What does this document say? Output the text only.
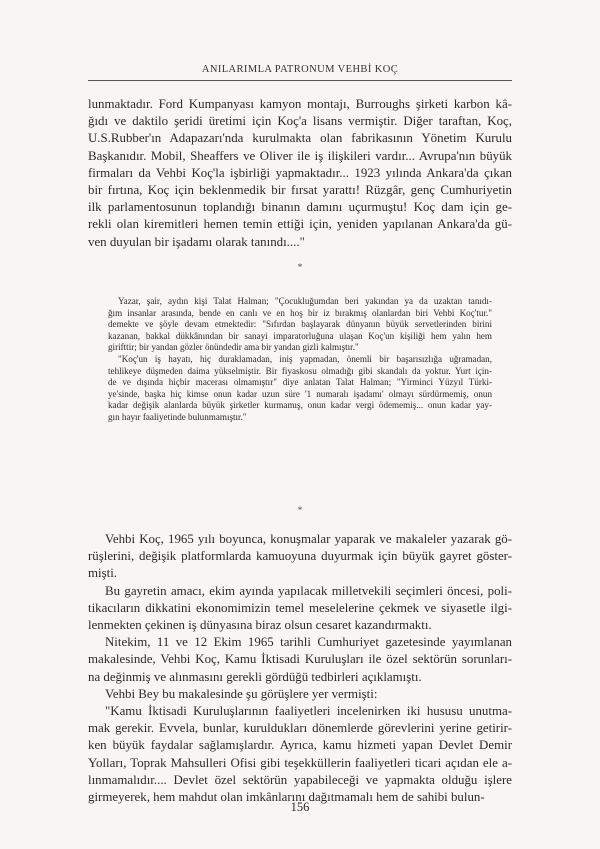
ANILARIMLA PATRONUM VEHBİ KOÇ

lunmaktadır. Ford Kumpanyası kamyon montajı, Burroughs şirketi karbon kâ-
ğıdı ve daktilo şeridi üretimi için Koç'a lisans vermiştir. Diğer taraftan, Koç,
U.S.Rubber'ın Adapazarı'nda kurulmakta olan fabrikasının Yönetim Kurulu
Başkanıdır. Mobil, Sheaffers ve Oliver ile iş ilişkileri vardır... Avrupa'nın büyük
firmaları da Vehbi Koç'la işbirliği yapmaktadır... 1923 yılında Ankara'da çıkan
bir fırtına, Koç için beklenmedik bir fırsat yarattı! Rüzgâr, genç Cumhuriyetin
ilk parlamentosunun toplandığı binanın damını uçurmuştu! Koç dam için ge-
rekli olan kiremitleri hemen temin ettiği için, yeniden yapılanan Ankara'da gü-
ven duyulan bir işadamı olarak tanındı...."

*

Yazar, şair, aydın kişi Talat Halman; "Çocukluğumdan beri yakından ya da uzaktan tanıdı-
ğım insanlar arasında, bende en canlı ve en hoş bir iz bırakmış olanlardan biri Vehbi Koç'tur."
demekte ve şöyle devam etmektedir: "Sıfırdan başlayarak dünyanın büyük servetlerinden birini
kazanan, bakkal dükkânından bir sanayi imparatorluğuna ulaşan Koç'un kişiliği hem yalın hem
girifttir; bir yandan gözler önündedir ama bir yandan gizli kalmıştır."

"Koç'un iş hayatı, hiç duraklamadan, iniş yapmadan, önemli bir başarısızlığa uğramadan,
tehlikeye düşmeden daima yükselmiştir. Bir fiyaskosu olmadığı gibi skandalı da yoktur. Yurt için-
de ve dışında hiçbir macerası olmamıştır" diye anlatan Talat Halman; "Yirminci Yüzyıl Türki-
ye'sinde, başka hiç kimse onun kadar uzun süre '1 numaralı işadamı' olmayı sürdürmemiş, onun
kadar değişik alanlarda büyük şirketler kurmamış, onun kadar vergi ödememiş... onun kadar yay-
gın hayır faaliyetinde bulunmamıştır."

*

Vehbi Koç, 1965 yılı boyunca, konuşmalar yaparak ve makaleler yazarak gö-
rüşlerini, değişik platformlarda kamuoyuna duyurmak için büyük gayret göster-
mişti.

Bu gayretin amacı, ekim ayında yapılacak milletvekili seçimleri öncesi, poli-
tikacıların dikkatini ekonomimizin temel meselelerine çekmek ve siyasetle ilgi-
lenmekten çekinen iş dünyasına biraz olsun cesaret kazandırmaktı.

Nitekim, 11 ve 12 Ekim 1965 tarihli Cumhuriyet gazetesinde yayımlanan
makalesinde, Vehbi Koç, Kamu İktisadi Kuruluşları ile özel sektörün sorunları-
na değinmiş ve alınmasını gerekli gördüğü tedbirleri açıklamıştı.

Vehbi Bey bu makalesinde şu görüşlere yer vermişti:

"Kamu İktisadi Kuruluşlarının faaliyetleri incelenirken iki hususu unutma-
mak gerekir. Evvela, bunlar, kuruldukları dönemlerde görevlerini yerine getirir-
ken büyük faydalar sağlamışlardır. Ayrıca, kamu hizmeti yapan Devlet Demir
Yolları, Toprak Mahsulleri Ofisi gibi teşekküllerin faaliyetleri ticari açıdan ele a-
lınmamalıdır.... Devlet özel sektörün yapabileceği ve yapmakta olduğu işlere
girmeyerek, hem mahdut olan imkânlarını dağıtmamalı hem de sahibi bulun-

156
